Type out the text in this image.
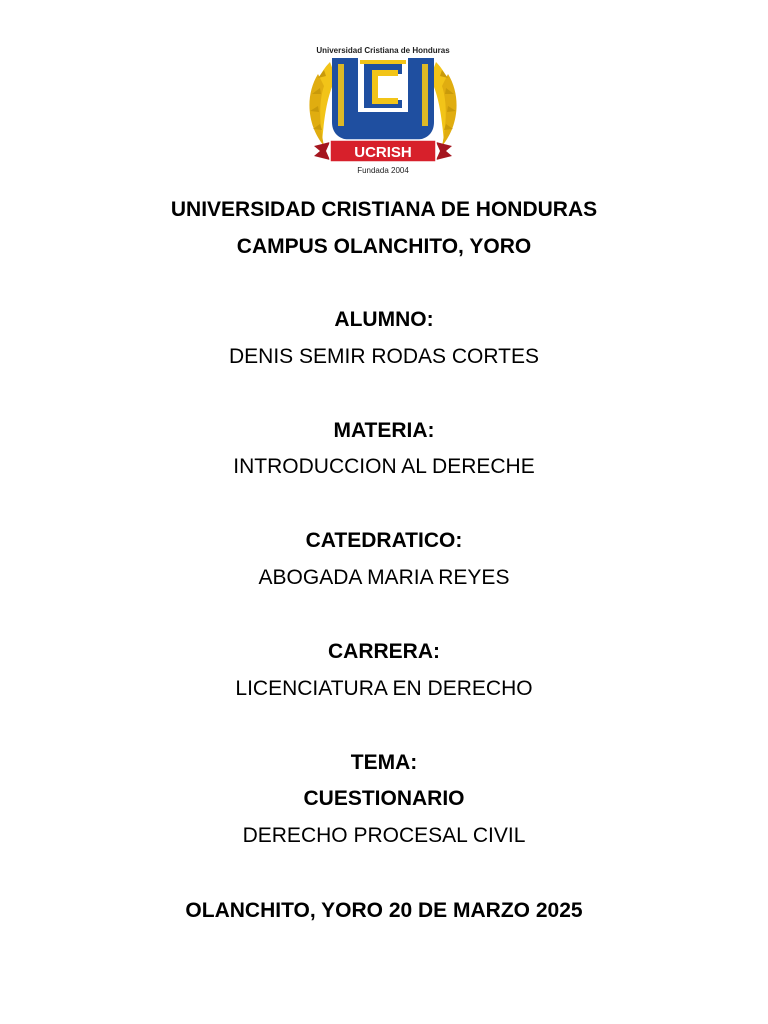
Universidad Cristiana de Honduras
UCRISH
Fundada 2004
UNIVERSIDAD CRISTIANA DE HONDURAS
CAMPUS OLANCHITO, YORO
ALUMNO:
DENIS SEMIR RODAS CORTES
MATERIA:
INTRODUCCION AL DERECHE
CATEDRATICO:
ABOGADA MARIA REYES
CARRERA:
LICENCIATURA EN DERECHO
TEMA:
CUESTIONARIO
DERECHO PROCESAL CIVIL
OLANCHITO, YORO 20 DE MARZO 2025
